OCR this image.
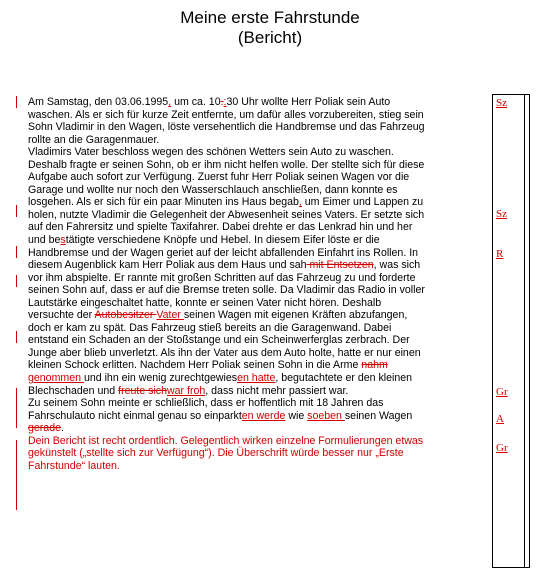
Meine erste Fahrstunde
(Bericht)
Am Samstag, den 03.06.1995, um ca. 10.:30 Uhr wollte Herr Poliak sein Auto
waschen. Als er sich für kurze Zeit entfernte, um dafür alles vorzubereiten, stieg sein
Sohn Vladimir in den Wagen, löste versehentlich die Handbremse und das Fahrzeug
rollte an die Garagenmauer.
Vladimirs Vater beschloss wegen des schönen Wetters sein Auto zu waschen.
Deshalb fragte er seinen Sohn, ob er ihm nicht helfen wolle. Der stellte sich für diese
Aufgabe auch sofort zur Verfügung. Zuerst fuhr Herr Poliak seinen Wagen vor die
Garage und wollte nur noch den Wasserschlauch anschließen, dann konnte es
losgehen. Als er sich für ein paar Minuten ins Haus begab, um Eimer und Lappen zu
holen, nutzte Vladimir die Gelegenheit der Abwesenheit seines Vaters. Er setzte sich
auf den Fahrersitz und spielte Taxifahrer. Dabei drehte er das Lenkrad hin und her
und bestätigte verschiedene Knöpfe und Hebel. In diesem Eifer löste er die
Handbremse und der Wagen geriet auf der leicht abfallenden Einfahrt ins Rollen. In
diesem Augenblick kam Herr Poliak aus dem Haus und sah mit Entsetzen, was sich
vor ihm abspielte. Er rannte mit großen Schritten auf das Fahrzeug zu und forderte
seinen Sohn auf, dass er auf die Bremse treten solle. Da Vladimir das Radio in voller
Lautstärke eingeschaltet hatte, konnte er seinen Vater nicht hören. Deshalb
versuchte der Autobesitzer Vater seinen Wagen mit eigenen Kräften abzufangen,
doch er kam zu spät. Das Fahrzeug stieß bereits an die Garagenwand. Dabei
entstand ein Schaden an der Stoßstange und ein Scheinwerferglas zerbrach. Der
Junge aber blieb unverletzt. Als ihn der Vater aus dem Auto holte, hatte er nur einen
kleinen Schock erlitten. Nachdem Herr Poliak seinen Sohn in die Arme nahm
genommen und ihn ein wenig zurechtgewiesen hatte, begutachtete er den kleinen
Blechschaden und freute sichwar froh, dass nicht mehr passiert war.
Zu seinem Sohn meinte er schließlich, dass er hoffentlich mit 18 Jahren das
Fahrschulauto nicht einmal genau so einparkten werde wie soeben seinen Wagen
gerade.
Dein Bericht ist recht ordentlich. Gelegentlich wirken einzelne Formulierungen etwas
gekünstelt („stellte sich zur Verfügung“). Die Überschrift würde besser nur „Erste
Fahrstunde“ lauten.
Sz
Sz
R
Gr
A
Gr
